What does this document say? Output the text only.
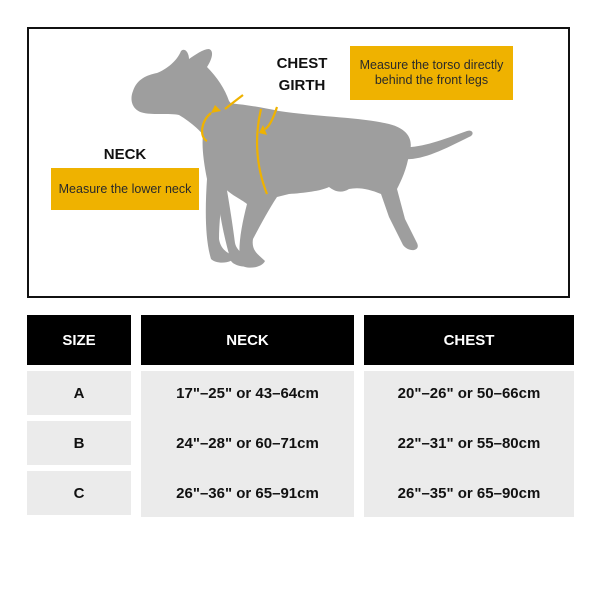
CHEST
GIRTH
Measure the torso directly behind the front legs
NECK
Measure the lower neck
SIZE	NECK	CHEST
A
B
C
17"–25" or 43–64cm
24"–28" or 60–71cm
26"–36" or 65–91cm
20"–26" or 50–66cm
22"–31" or 55–80cm
26"–35" or 65–90cm
